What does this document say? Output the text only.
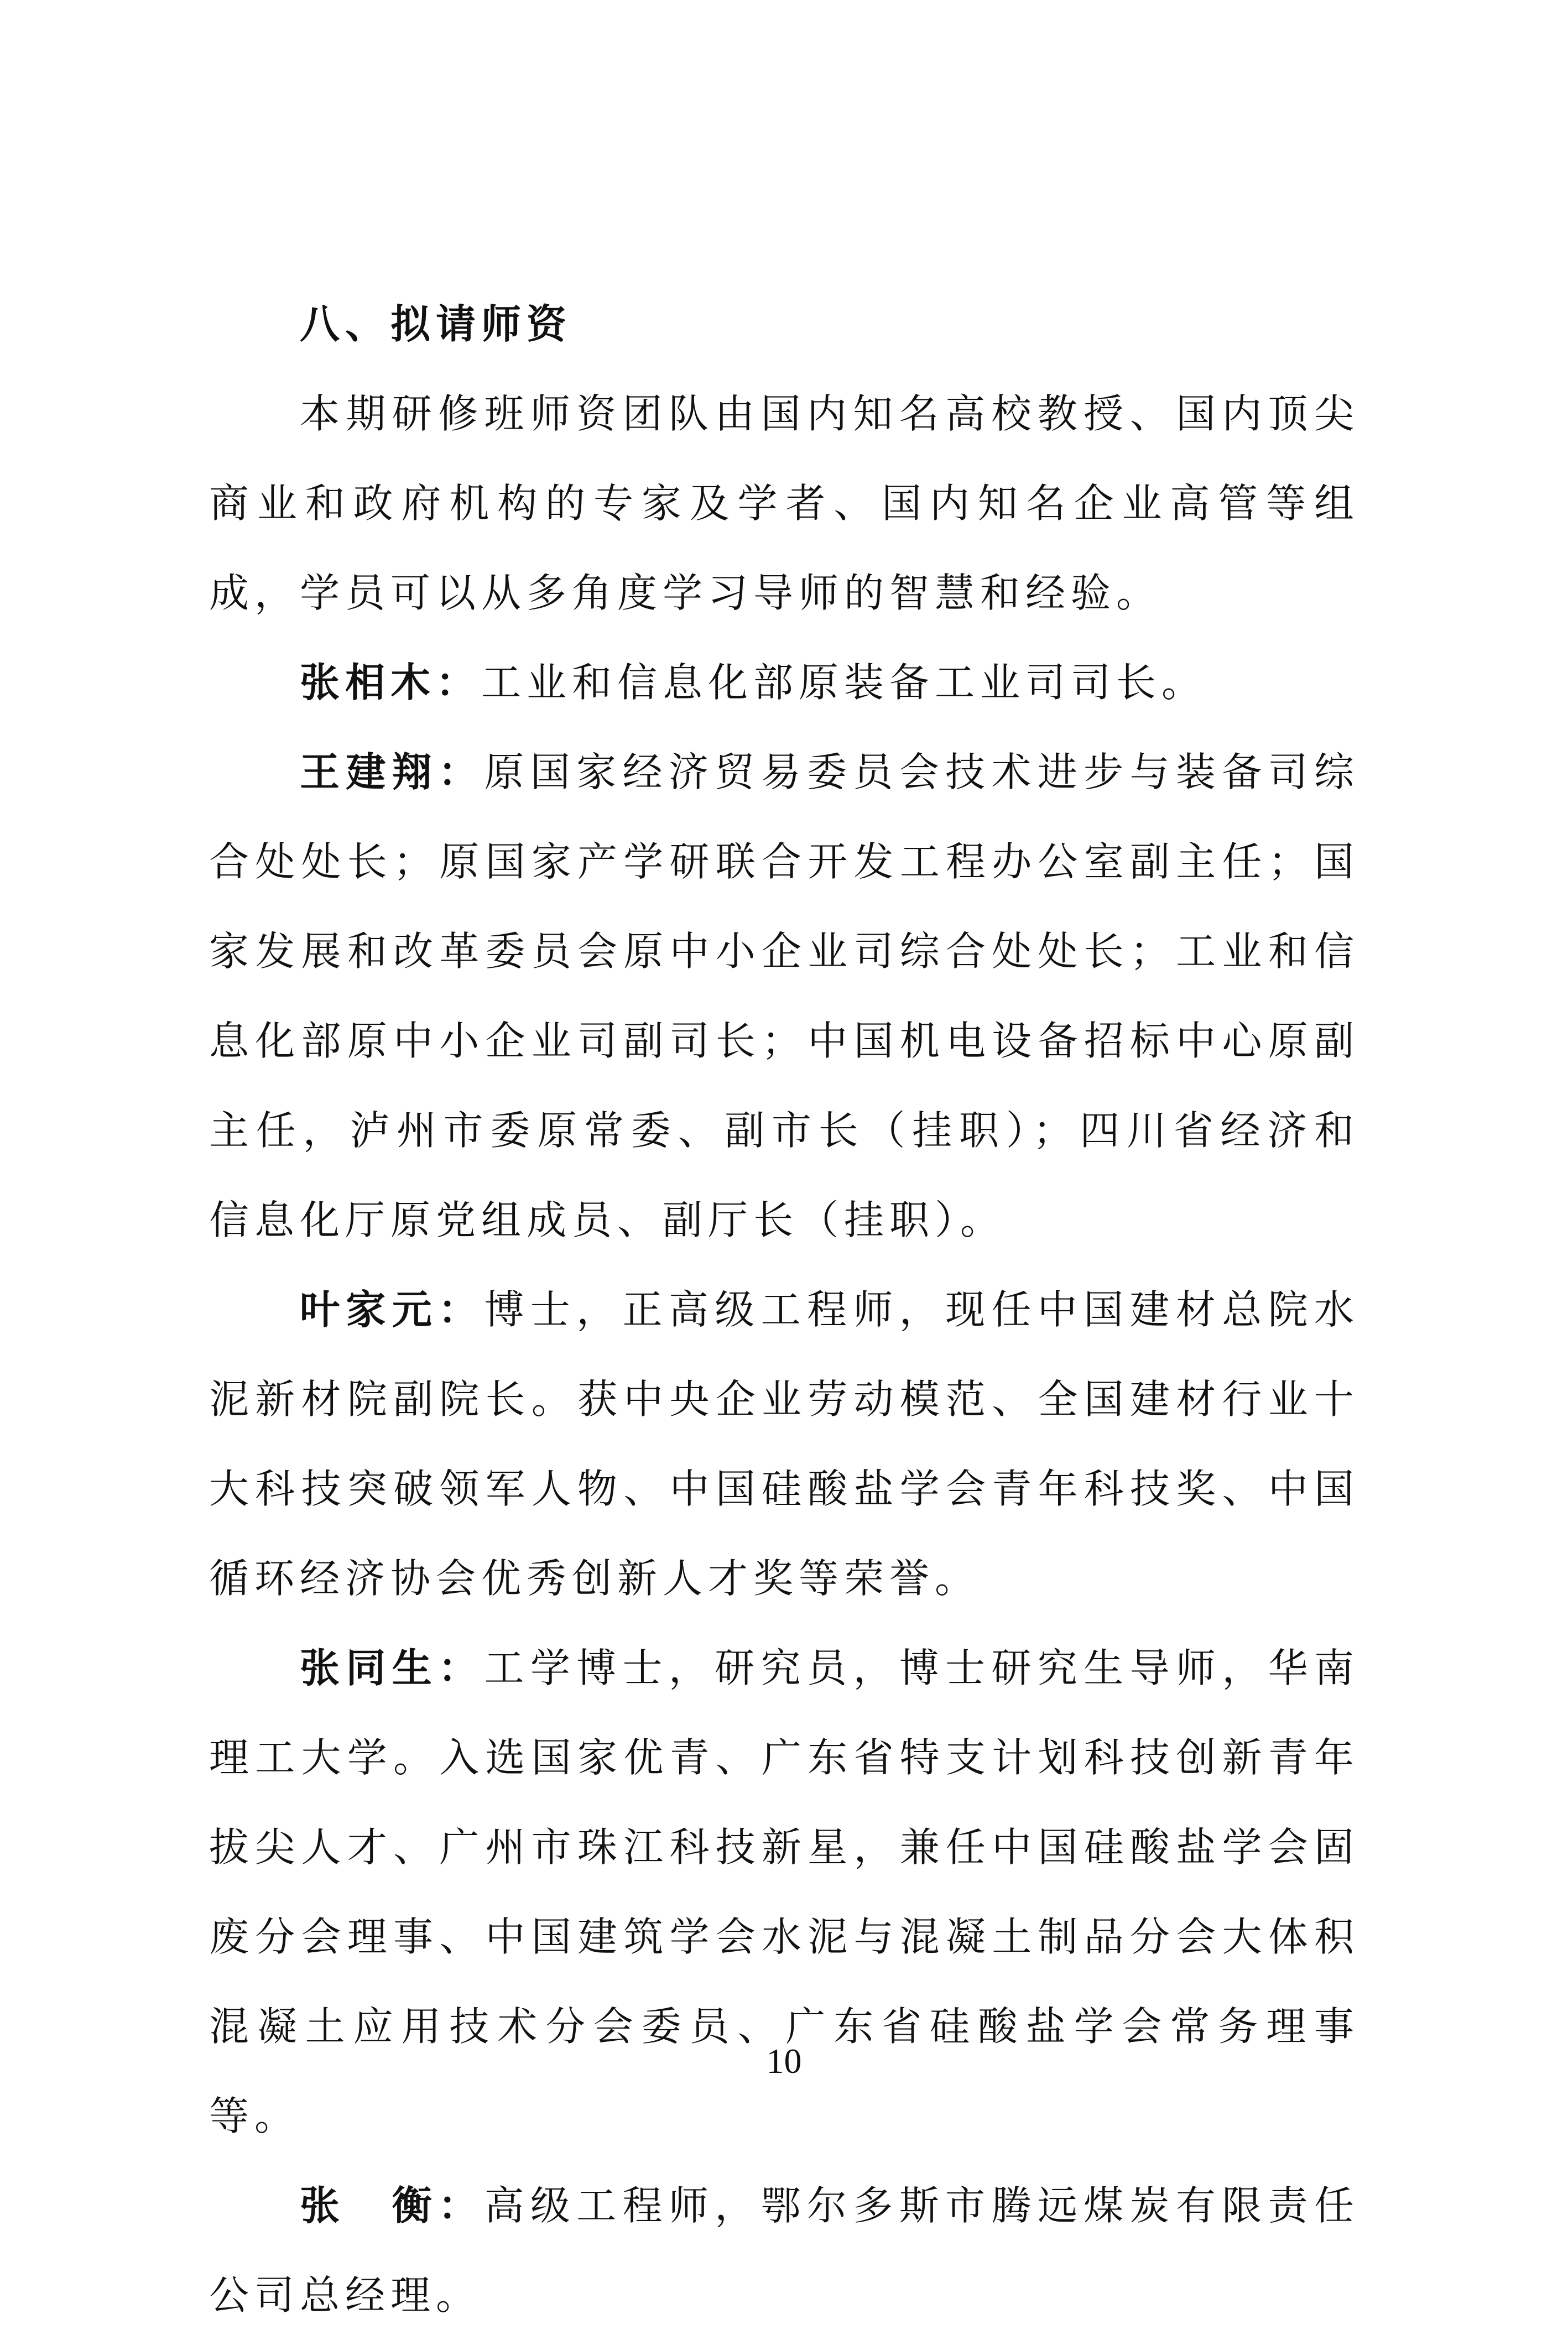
八、拟请师资

本期研修班师资团队由国内知名高校教授、国内顶尖商业和政府机构的专家及学者、国内知名企业高管等组成，学员可以从多角度学习导师的智慧和经验。

张相木：工业和信息化部原装备工业司司长。

王建翔：原国家经济贸易委员会技术进步与装备司综合处处长；原国家产学研联合开发工程办公室副主任；国家发展和改革委员会原中小企业司综合处处长；工业和信息化部原中小企业司副司长；中国机电设备招标中心原副主任，泸州市委原常委、副市长（挂职）；四川省经济和信息化厅原党组成员、副厅长（挂职）。

叶家元：博士，正高级工程师，现任中国建材总院水泥新材院副院长。获中央企业劳动模范、全国建材行业十大科技突破领军人物、中国硅酸盐学会青年科技奖、中国循环经济协会优秀创新人才奖等荣誉。

张同生：工学博士，研究员，博士研究生导师，华南理工大学。入选国家优青、广东省特支计划科技创新青年拔尖人才、广州市珠江科技新星，兼任中国硅酸盐学会固废分会理事、中国建筑学会水泥与混凝土制品分会大体积混凝土应用技术分会委员、广东省硅酸盐学会常务理事等。

张　衡：高级工程师，鄂尔多斯市腾远煤炭有限责任公司总经理。

10
